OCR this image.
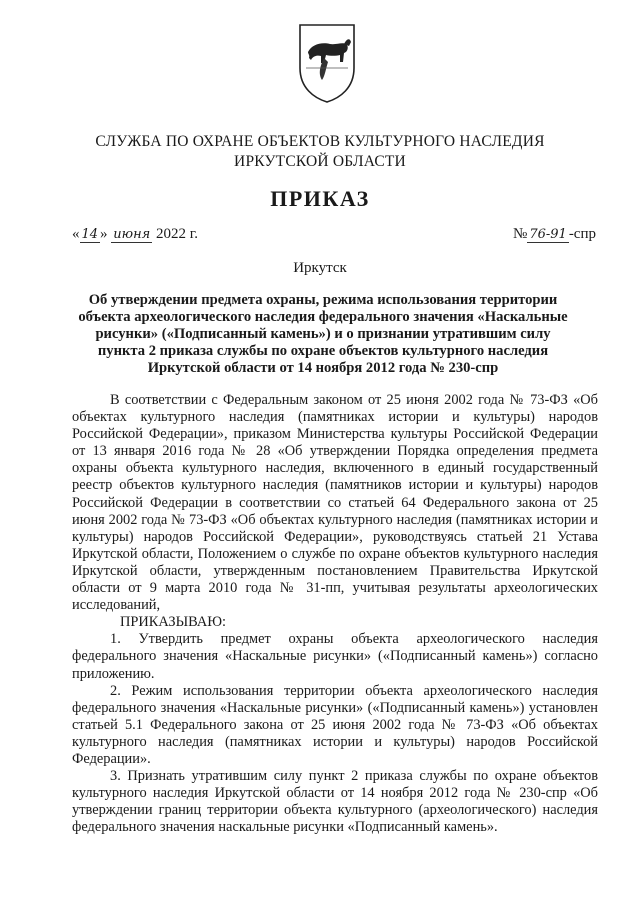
СЛУЖБА ПО ОХРАНЕ ОБЪЕКТОВ КУЛЬТУРНОГО НАСЛЕДИЯ
ИРКУТСКОЙ ОБЛАСТИ
ПРИКАЗ
« 14 » июня 2022 г.	№ 76-91 -спр
Иркутск
Об утверждении предмета охраны, режима использования территории
объекта археологического наследия федерального значения «Наскальные
рисунки» («Подписанный камень») и о признании утратившим силу
пункта 2 приказа службы по охране объектов культурного наследия
Иркутской области от 14 ноября 2012 года № 230-спр

В соответствии с Федеральным законом от 25 июня 2002 года № 73-ФЗ «Об объектах культурного наследия (памятниках истории и культуры) народов Российской Федерации», приказом Министерства культуры Российской Федерации от 13 января 2016 года № 28 «Об утверждении Порядка определения предмета охраны объекта культурного наследия, включенного в единый государственный реестр объектов культурного наследия (памятников истории и культуры) народов Российской Федерации в соответствии со статьей 64 Федерального закона от 25 июня 2002 года № 73-ФЗ «Об объектах культурного наследия (памятниках истории и культуры) народов Российской Федерации», руководствуясь статьей 21 Устава Иркутской области, Положением о службе по охране объектов культурного наследия Иркутской области, утвержденным постановлением Правительства Иркутской области от 9 марта 2010 года № 31-пп, учитывая результаты археологических исследований,

ПРИКАЗЫВАЮ:

1. Утвердить предмет охраны объекта археологического наследия федерального значения «Наскальные рисунки» («Подписанный камень») согласно приложению.

2. Режим использования территории объекта археологического наследия федерального значения «Наскальные рисунки» («Подписанный камень») установлен статьей 5.1 Федерального закона от 25 июня 2002 года № 73-ФЗ «Об объектах культурного наследия (памятниках истории и культуры) народов Российской Федерации».

3. Признать утратившим силу пункт 2 приказа службы по охране объектов культурного наследия Иркутской области от 14 ноября 2012 года № 230-спр «Об утверждении границ территории объекта культурного (археологического) наследия федерального значения наскальные рисунки «Подписанный камень».
